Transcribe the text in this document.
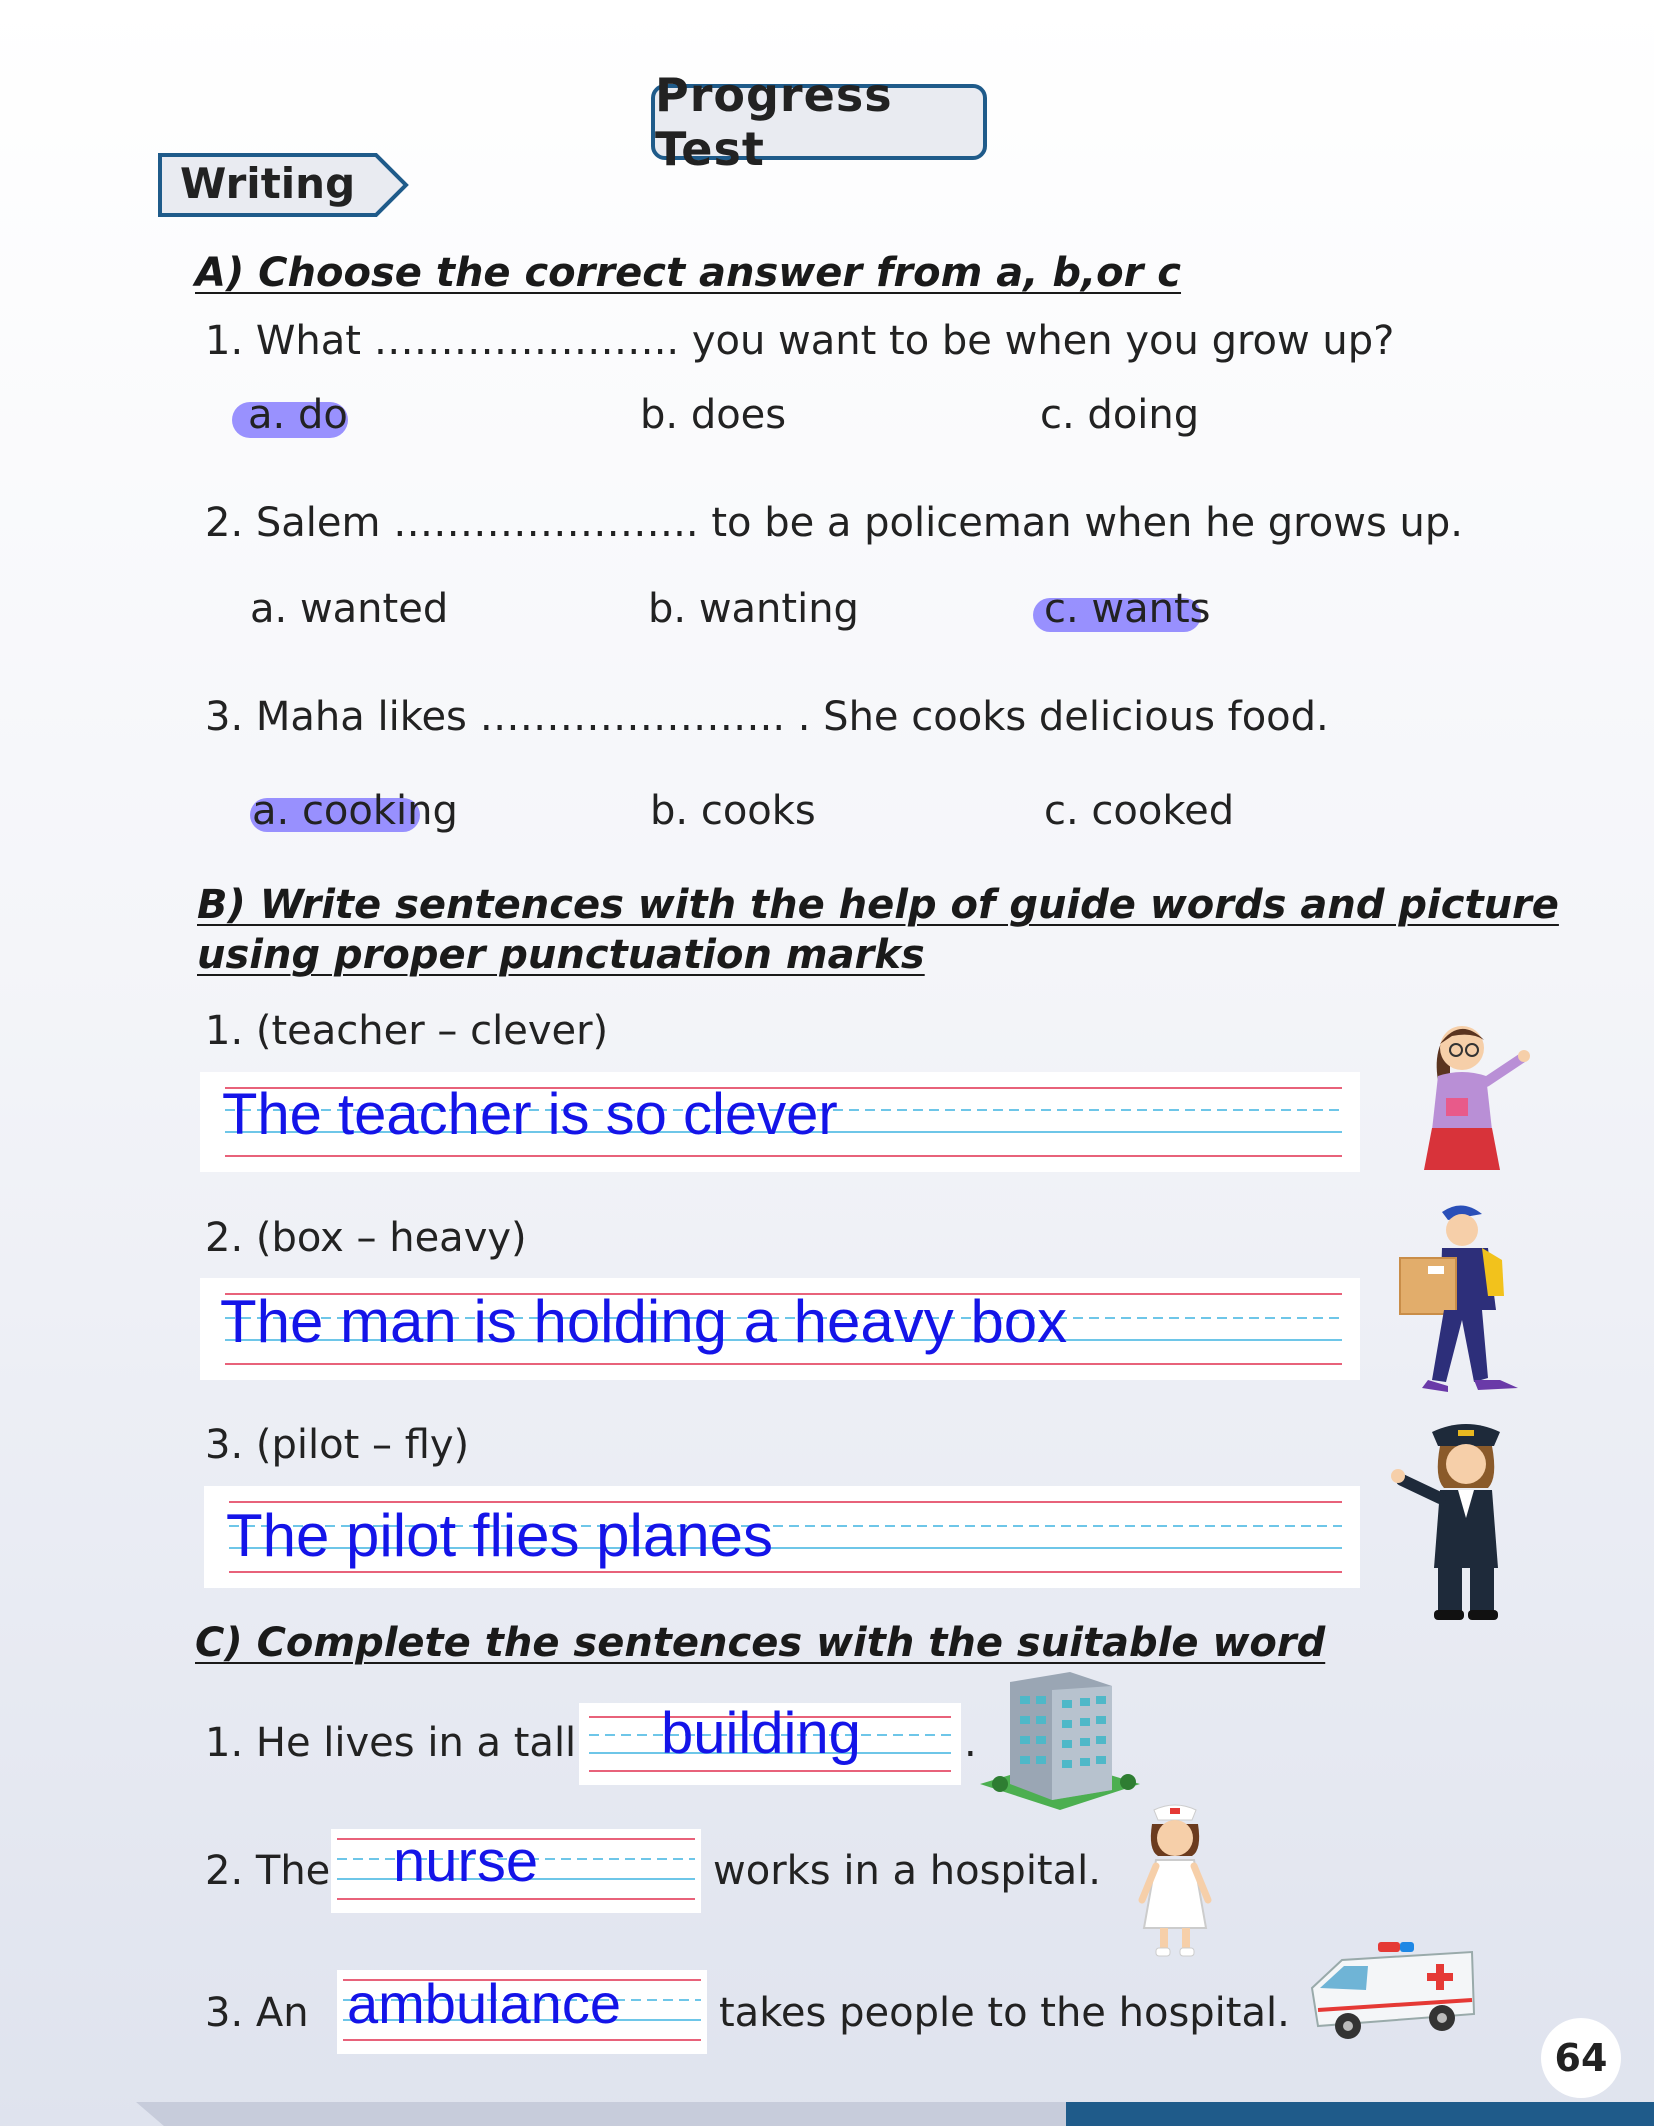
Progress Test
Writing
A) Choose the correct answer from a, b,or c
1. What ………………….. you want to be when you grow up?
a. do	b. does	c. doing
2. Salem ………………….. to be a policeman when he grows up.
a. wanted	b. wanting	c. wants
3. Maha likes ………………….. . She cooks delicious food.
a. cooking	b. cooks	c. cooked
B) Write sentences with the help of guide words and picture
using proper punctuation marks
1. (teacher – clever)
The teacher is so clever
2. (box – heavy)
The man is holding a heavy box
3. (pilot – fly)
The pilot flies planes
C) Complete the sentences with the suitable word
1. He lives in a tall building	.
2. The nurse	works in a hospital.
3. An ambulance takes people to the hospital.
64
